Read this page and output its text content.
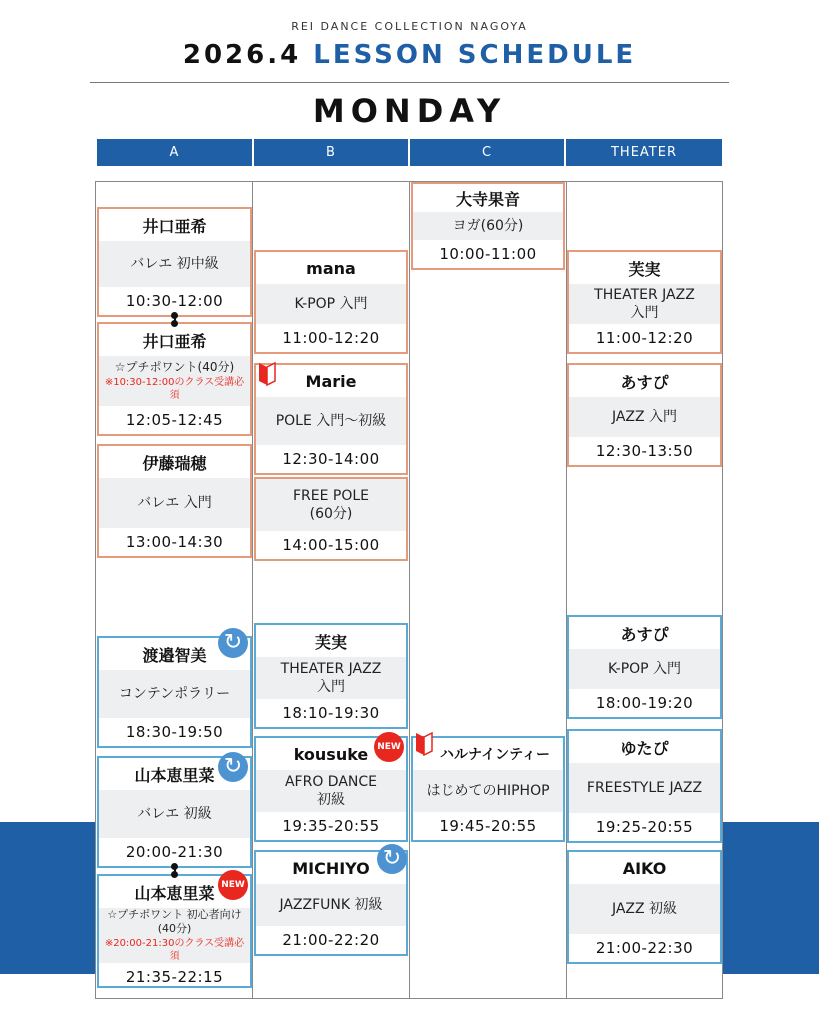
REI DANCE COLLECTION NAGOYA
2026.4 LESSON SCHEDULE
MONDAY
A	B	C	THEATER
井口亜希
バレエ 初中級
10:30-12:00
井口亜希
☆プチポワント(40分)
※10:30-12:00のクラス受講必須
12:05-12:45
伊藤瑞穂
バレエ 入門
13:00-14:30
渡邉智美
コンテンポラリー
18:30-19:50
山本恵里菜
バレエ 初級
20:00-21:30
山本恵里菜
☆プチポワント 初心者向け
(40分)
※20:00-21:30のクラス受講必須
21:35-22:15
mana
K-POP 入門
11:00-12:20
Marie
POLE 入門〜初級
12:30-14:00
FREE POLE
(60分)
14:00-15:00
芙実
THEATER JAZZ
入門
18:10-19:30
kousuke
AFRO DANCE
初級
19:35-20:55
MICHIYO
JAZZFUNK 初級
21:00-22:20
大寺果音
ヨガ(60分)
10:00-11:00
ハルナインティー
はじめてのHIPHOP
19:45-20:55
芙実
THEATER JAZZ
入門
11:00-12:20
あすぴ
JAZZ 入門
12:30-13:50
あすぴ
K-POP 入門
18:00-19:20
ゆたぴ
FREESTYLE JAZZ
19:25-20:55
AIKO
JAZZ 初級
21:00-22:30
↻
↻
↻
NEW
NEW
